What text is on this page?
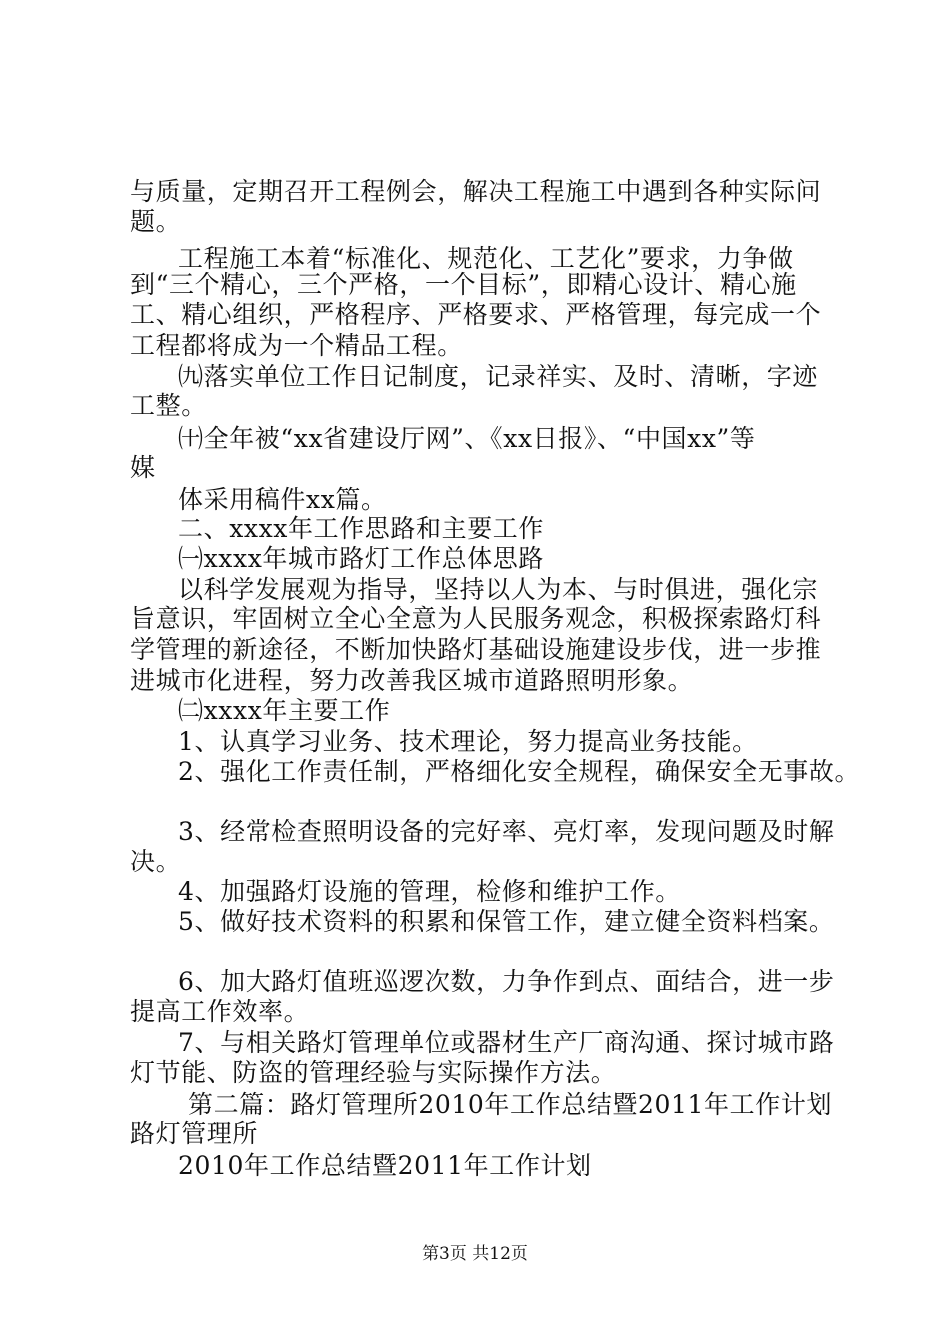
与质量，定期召开工程例会，解决工程施工中遇到各种实际问
题。
工程施工本着“标准化、规范化、工艺化”要求，力争做
到“三个精心，三个严格，一个目标”，即精心设计、精心施
工、精心组织，严格程序、严格要求、严格管理，每完成一个
工程都将成为一个精品工程。
㈨落实单位工作日记制度，记录祥实、及时、清晰，字迹
工整。
㈩全年被“xx省建设厅网”、《xx日报》、“中国xx”等
媒
体采用稿件xx篇。
二、xxxx年工作思路和主要工作
㈠xxxx年城市路灯工作总体思路
以科学发展观为指导，坚持以人为本、与时俱进，强化宗
旨意识，牢固树立全心全意为人民服务观念，积极探索路灯科
学管理的新途径，不断加快路灯基础设施建设步伐，进一步推
进城市化进程，努力改善我区城市道路照明形象。
㈡xxxx年主要工作
1、认真学习业务、技术理论，努力提高业务技能。
2、强化工作责任制，严格细化安全规程，确保安全无事故。
3、经常检查照明设备的完好率、亮灯率，发现问题及时解
决。
4、加强路灯设施的管理，检修和维护工作。
5、做好技术资料的积累和保管工作，建立健全资料档案。
6、加大路灯值班巡逻次数，力争作到点、面结合，进一步
提高工作效率。
7、与相关路灯管理单位或器材生产厂商沟通、探讨城市路
灯节能、防盗的管理经验与实际操作方法。
第二篇：路灯管理所2010年工作总结暨2011年工作计划
路灯管理所
2010年工作总结暨2011年工作计划
第3页 共12页
